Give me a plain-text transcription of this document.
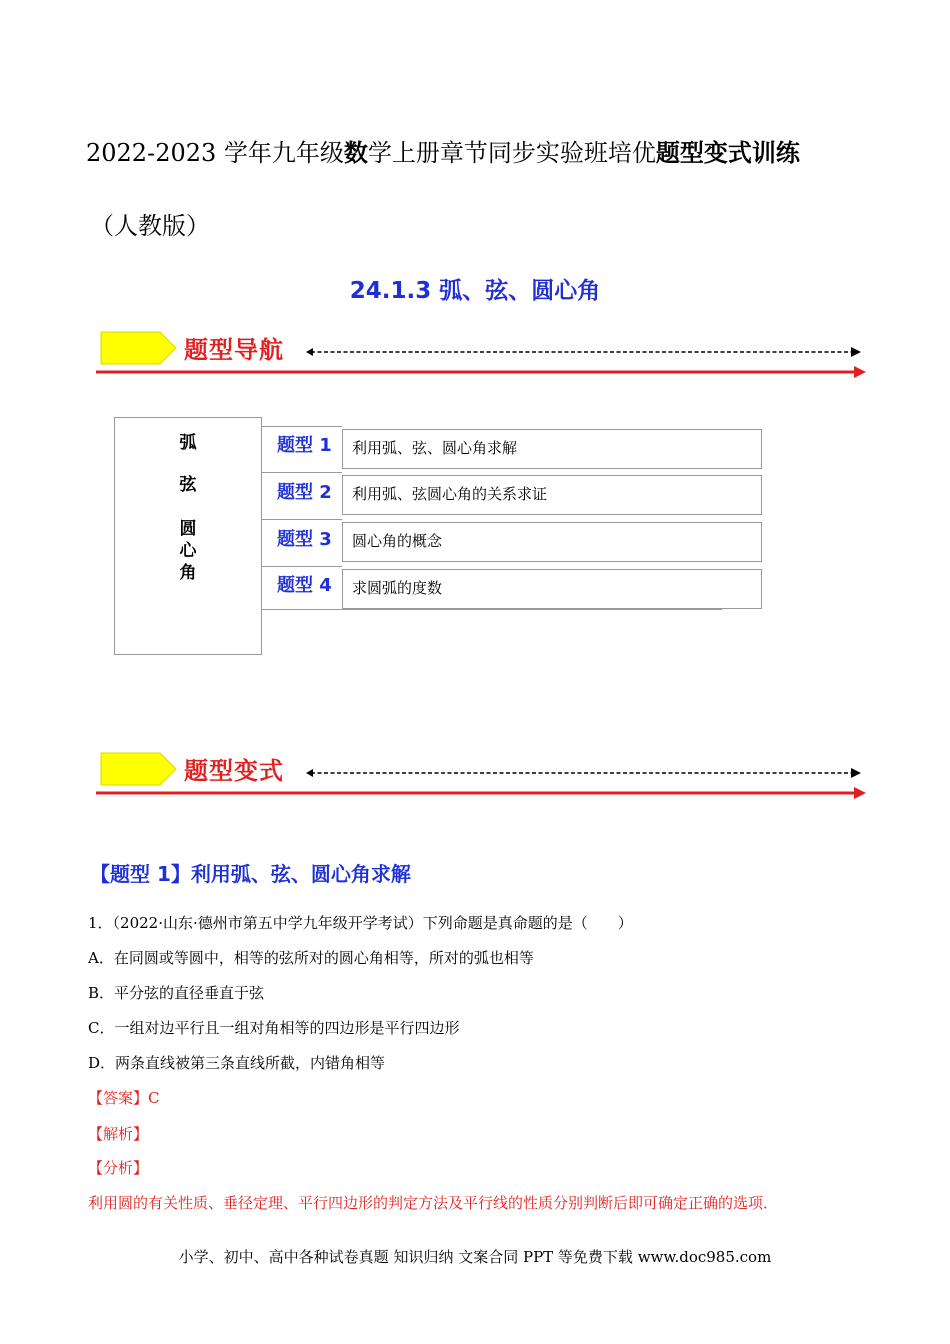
2022-2023 学年九年级数学上册章节同步实验班培优题型变式训练
（人教版）
24.1.3 弧、弦、圆心角
题型导航
弧
弦
圆
心
角
题型 1	利用弧、弦、圆心角求解
题型 2	利用弧、弦圆心角的关系求证
题型 3	圆心角的概念
题型 4	求圆弧的度数
题型变式
【题型 1】利用弧、弦、圆心角求解
1．（2022·山东·德州市第五中学九年级开学考试）下列命题是真命题的是（　　）
A．在同圆或等圆中，相等的弦所对的圆心角相等，所对的弧也相等
B．平分弦的直径垂直于弦
C．一组对边平行且一组对角相等的四边形是平行四边形
D．两条直线被第三条直线所截，内错角相等
【答案】C
【解析】
【分析】
利用圆的有关性质、垂径定理、平行四边形的判定方法及平行线的性质分别判断后即可确定正确的选项．
小学、初中、高中各种试卷真题 知识归纳 文案合同 PPT 等免费下载 www.doc985.com
